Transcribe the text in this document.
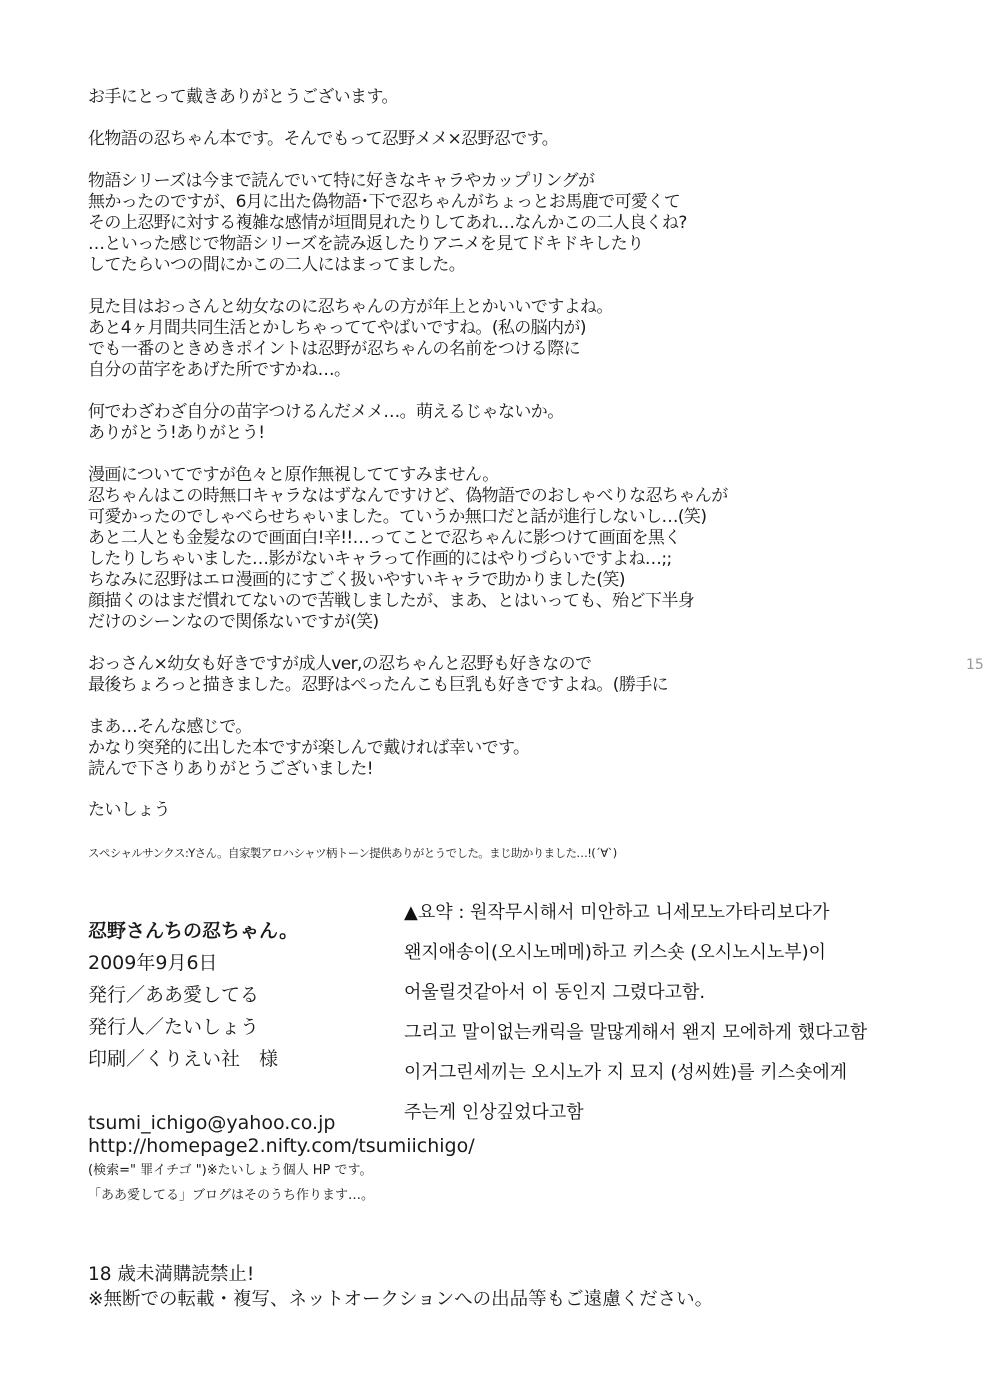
お手にとって戴きありがとうございます。
化物語の忍ちゃん本です。そんでもって忍野メメ×忍野忍です。
物語シリーズは今まで読んでいて特に好きなキャラやカップリングが
無かったのですが、6月に出た偽物語･下で忍ちゃんがちょっとお馬鹿で可愛くて
その上忍野に対する複雑な感情が垣間見れたりしてあれ…なんかこの二人良くね?
…といった感じで物語シリーズを読み返したりアニメを見てドキドキしたり
してたらいつの間にかこの二人にはまってました。
見た目はおっさんと幼女なのに忍ちゃんの方が年上とかいいですよね。
あと4ヶ月間共同生活とかしちゃっててやばいですね。(私の脳内が)
でも一番のときめきポイントは忍野が忍ちゃんの名前をつける際に
自分の苗字をあげた所ですかね…。
何でわざわざ自分の苗字つけるんだメメ…。萌えるじゃないか。
ありがとう!ありがとう!
漫画についてですが色々と原作無視しててすみません。
忍ちゃんはこの時無口キャラなはずなんですけど、偽物語でのおしゃべりな忍ちゃんが
可愛かったのでしゃべらせちゃいました。ていうか無口だと話が進行しないし…(笑)
あと二人とも金髪なので画面白!辛!!…ってことで忍ちゃんに影つけて画面を黒く
したりしちゃいました…影がないキャラって作画的にはやりづらいですよね…;;
ちなみに忍野はエロ漫画的にすごく扱いやすいキャラで助かりました(笑)
顔描くのはまだ慣れてないので苦戦しましたが、まあ、とはいっても、殆ど下半身
だけのシーンなので関係ないですが(笑)
おっさん×幼女も好きですが成人ver,の忍ちゃんと忍野も好きなので
最後ちょろっと描きました。忍野はぺったんこも巨乳も好きですよね。(勝手に
まあ…そんな感じで。
かなり突発的に出した本ですが楽しんで戴ければ幸いです。
読んで下さりありがとうございました!
たいしょう
スペシャルサンクス:Yさん。自家製アロハシャツ柄トーン提供ありがとうでした。まじ助かりました…!(´∀`)
15
▲요약 : 원작무시해서 미안하고 니세모노가타리보다가
왠지애송이(오시노메메)하고 키스숏 (오시노시노부)이
어울릴것같아서 이 동인지 그렸다고함.
그리고 말이없는캐릭을 말많게해서 왠지 모에하게 했다고함
이거그린세끼는 오시노가 지 묘지 (성씨姓)를 키스숏에게
주는게 인상깊었다고함
忍野さんちの忍ちゃん。
2009年9月6日
発行／ああ愛してる
発行人／たいしょう
印刷／くりえい社　様
tsumi_ichigo@yahoo.co.jp
http://homepage2.nifty.com/tsumiichigo/
(検索=" 罪イチゴ ")※たいしょう個人 HP です。
「ああ愛してる」ブログはそのうち作ります…。
18 歳未満購読禁止!
※無断での転載・複写、ネットオークションへの出品等もご遠慮ください。
